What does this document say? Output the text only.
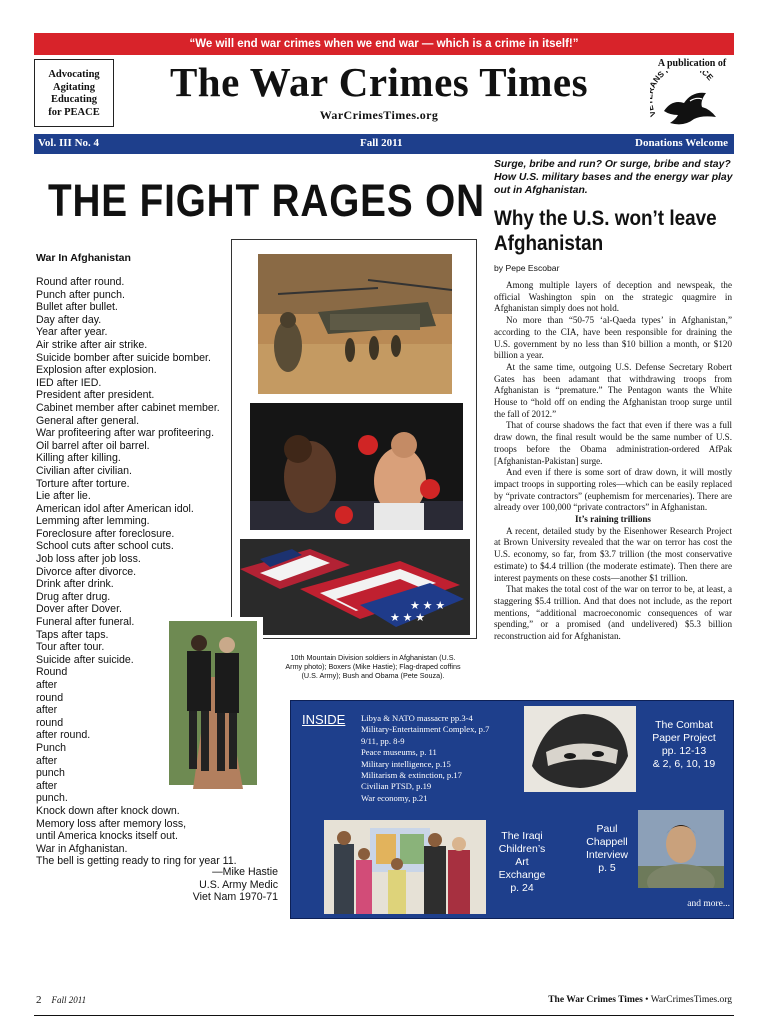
“We will end war crimes when we end war — which is a crime in itself!”
Advocating
Agitating
Educating
for PEACE
The War Crimes Times
WarCrimesTimes.org
A publication of
NS CE
Vol. III No. 4	Fall 2011	Donations Welcome
THE FIGHT RAGES ON
War In Afghanistan
Round after round.
Punch after punch.
Bullet after bullet.
Day after day.
Year after year.
Air strike after air strike.
Suicide bomber after suicide bomber.
Explosion after explosion.
IED after IED.
President after president.
Cabinet member after cabinet member.
General after general.
War profiteering after war profiteering.
Oil barrel after oil barrel.
Killing after killing.
Civilian after civilian.
Torture after torture.
Lie after lie.
American idol after American idol.
Lemming after lemming.
Foreclosure after foreclosure.
School cuts after school cuts.
Job loss after job loss.
Divorce after divorce.
Drink after drink.
Drug after drug.
Dover after Dover.
Funeral after funeral.
Taps after taps.
Tour after tour.
Suicide after suicide.
Round
after
round
after
round
after round.
Punch
after
punch
after
punch.
Knock down after knock down.
Memory loss after memory loss,
until America knocks itself out.
War in Afghanistan.
The bell is getting ready to ring for year 11.
—Mike Hastie
U.S. Army Medic
Viet Nam 1970-71
★ ★ ★
★ ★ ★
10th Mountain Division soldiers in Afghanistan (U.S. Army photo); Boxers (Mike Hastie); Flag-draped coffins (U.S. Army); Bush and Obama (Pete Souza).
Surge, bribe and run? Or surge, bribe and stay? How U.S. military bases and the energy war play out in Afghanistan.
Why the U.S. won’t leave Afghanistan
by Pepe Escobar

Among multiple layers of deception and newspeak, the official Washington spin on the strategic quagmire in Afghanistan simply does not hold.

No more than “50-75 ‘al-Qaeda types’ in Afghanistan,” according to the CIA, have been responsible for draining the U.S. government by no less than $10 billion a month, or $120 billion a year.

At the same time, outgoing U.S. Defense Secretary Robert Gates has been adamant that withdrawing troops from Afghanistan is “premature.” The Pentagon wants the White House to “hold off on ending the Afghanistan troop surge until the fall of 2012.”

That of course shadows the fact that even if there was a full draw down, the final result would be the same number of U.S. troops before the Obama administration-ordered AfPak [Afghanistan-Pakistan] surge.

And even if there is some sort of draw down, it will mostly impact troops in supporting roles—which can be easily replaced by “private contractors” (euphemism for mercenaries). There are already over 100,000 “private contractors” in Afghanistan.

It’s raining trillions

A recent, detailed study by the Eisenhower Research Project at Brown University revealed that the war on terror has cost the U.S. economy, so far, from $3.7 trillion (the most conservative estimate) to $4.4 trillion (the moderate estimate). Then there are interest payments on these costs—another $1 trillion.

That makes the total cost of the war on terror to be, at least, a staggering $5.4 trillion. And that does not include, as the report mentions, “additional macroeconomic consequences of war spending,” or a promised (and undelivered) $5.3 billion reconstruction aid for Afghanistan.

INSIDE Libya & NATO massacre pp.3-4
Military-Entertainment Complex, p.7
9/11, pp. 8-9
Peace museums, p. 11
Military intelligence, p.15
Militarism & extinction, p.17
Civilian PTSD, p.19
War economy, p.21
The Combat
Paper Project
pp. 12-13
& 2, 6, 10, 19
The Iraqi
Children’s
Art
Exchange
p. 24
Paul
Chappell
Interview
p. 5
and more...
2 Fall 2011	The War Crimes Times • WarCrimesTimes.org
